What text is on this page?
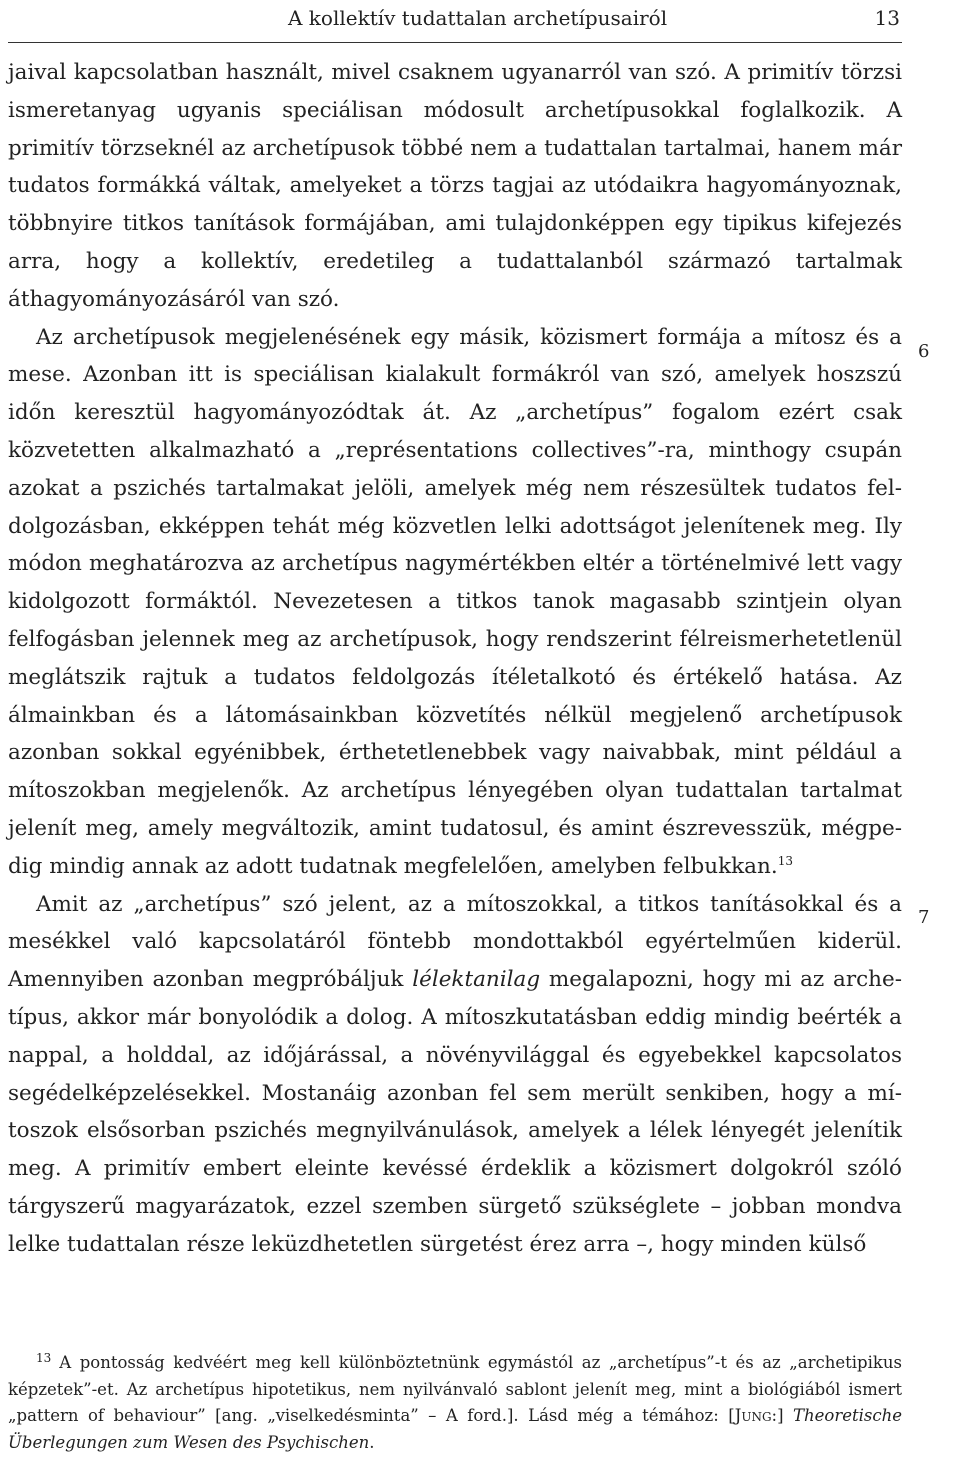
A kollektív tudattalan archetípusairól	13
6
7

jaival kapcsolatban használt, mivel csaknem ugyanarról van szó. A primitív törzsi ismeretanyag ugyanis speciálisan módosult archetípusokkal foglalkozik. A primitív törzseknél az archetípusok többé nem a tudattalan tartalmai, hanem már tudatos formákká váltak, amelyeket a törzs tagjai az utódaikra hagyományoznak, többnyire titkos tanítások formájában, ami tulajdonképpen egy tipikus kifejezés arra, hogy a kollektív, eredetileg a tudattalanból származó tartalmak áthagyományozásáról van szó.

Az archetípusok megjelenésének egy másik, közismert formája a mítosz és a mese. Azonban itt is speciálisan kialakult formákról van szó, amelyek hoszszú időn keresztül hagyományozódtak át. Az „archetípus” fogalom ezért csak közvetetten alkalmazható a „représentations collectives”-ra, minthogy csupán azokat a pszichés tartalmakat jelöli, amelyek még nem részesültek tudatos feldolgozásban, ekképpen tehát még közvetlen lelki adottságot jelenítenek meg. Ily módon meghatározva az archetípus nagymértékben eltér a történelmivé lett vagy kidolgozott formáktól. Nevezetesen a titkos tanok magasabb szintjein olyan felfogásban jelennek meg az archetípusok, hogy rendszerint félreismerhetetlenül meglátszik rajtuk a tudatos feldolgozás ítéletalkotó és értékelő hatása. Az álmainkban és a látomásainkban közvetítés nélkül megjelenő archetípusok azonban sokkal egyénibbek, érthetetlenebbek vagy naivabbak, mint például a mítoszokban megjelenők. Az archetípus lényegében olyan tudattalan tartalmat jelenít meg, amely megváltozik, amint tudatosul, és amint észrevesszük, mégpedig mindig annak az adott tudatnak megfelelően, amelyben felbukkan.$^{13}$

Amit az „archetípus” szó jelent, az a mítoszokkal, a titkos tanításokkal és a mesékkel való kapcsolatáról föntebb mondottakból egyértelműen kiderül. Amennyiben azonban megpróbáljuk lélektanilag megalapozni, hogy mi az archetípus, akkor már bonyolódik a dolog. A mítoszkutatásban eddig mindig beérték a nappal, a holddal, az időjárással, a növényvilággal és egyebekkel kapcsolatos segédelképzelésekkel. Mostanáig azonban fel sem merült senkiben, hogy a mítoszok elsősorban pszichés megnyilvánulások, amelyek a lélek lényegét jelenítik meg. A primitív embert eleinte kevéssé érdeklik a közismert dolgokról szóló tárgyszerű magyarázatok, ezzel szemben sürgető szükséglete – jobban mondva lelke tudattalan része leküzdhetetlen sürgetést érez arra –, hogy minden külső

$^{13}$ A pontosság kedvéért meg kell különböztetnünk egymástól az „archetípus”-t és az „archetipikus képzetek”-et. Az archetípus hipotetikus, nem nyilvánvaló sablont jelenít meg, mint a biológiából ismert „pattern of behaviour” [ang. „viselkedésminta” – A ford.]. Lásd még a témához: [Jung:] Theoretische Überlegungen zum Wesen des Psychischen.
